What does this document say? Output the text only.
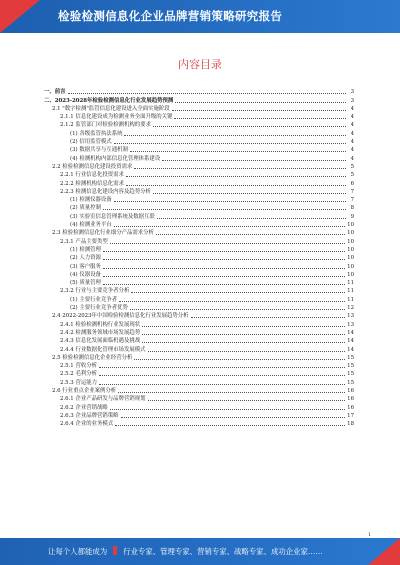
检验检测信息化企业品牌营销策略研究报告
内容目录
一、前言	3
二、2023-2028年检验检测信息化行业发展趋势预测	3
2.1 "数字检测"监管信息化建设进入全面实施阶段	4
2.1.1 信息化建设成为检测业务全面升级的关键	4
2.1.2 监管部门对检验检测机构的要求	4
(1) 各级监管执法系统	4
(2) 信用监管模式	4
(3) 数据共享与互通机制	4
(4) 检测机构内部信息化管理体系建设	4
2.2 检验检测信息化建设投资需求	5
2.2.1 行业信息化投资需求	5
2.2.2 检测机构信息化需求	6
2.2.3 检测信息化建设内容及趋势分析	7
(1) 检测仪器设备	7
(2) 质量控制	8
(3) 实验室信息管理系统及数据互联	9
(4) 检测业务平台	10
2.3 检验检测信息化行业细分产品需求分析	10
2.3.1 产品主要类型	10
(1) 检测管理	10
(2) 人力资源	10
(3) 客户服务	10
(4) 仪器设备	10
(5) 质量管理	11
2.3.2 行业与主要竞争者分析	11
(1) 主要行业竞争者	11
(2) 主要行业竞争者优势	12
2.4 2022-2023年中国检验检测信息化行业发展趋势分析	13
2.4.1 检验检测机构行业发展现状	13
2.4.2 检测服务领域市场发展趋势	14
2.4.3 信息化发展面临机遇及挑战	14
2.4.4 行业数据化管理市场发展模式	14
2.5 检验检测信息化企业经营分析	15
2.5.1 营收分析	15
2.5.2 毛利分析	15
2.5.3 营运能力	15
2.6 行业重点企业案例分析	16
2.6.1 企业产品研发与品牌营销规划	16
2.6.2 企业营销战略	16
2.6.3 企业品牌营销策略	17
2.6.4 企业的业务模式	18
1
让每个人都能成为 行业专家、管理专家、营销专家、战略专家、成功企业家……
